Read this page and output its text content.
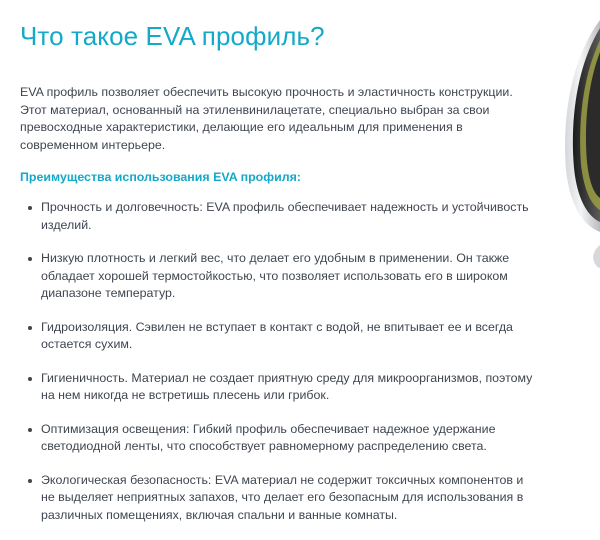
Что такое EVA профиль?

EVA профиль позволяет обеспечить высокую прочность и эластичность конструкции. Этот материал, основанный на этиленвинилацетате, специально выбран за свои превосходные характеристики, делающие его идеальным для применения в современном интерьере.

Преимущества использования EVA профиля:

Прочность и долговечность: EVA профиль обеспечивает надежность и устойчивость изделий.
Низкую плотность и легкий вес, что делает его удобным в применении. Он также обладает хорошей термостойкостью, что позволяет использовать его в широком диапазоне температур.
Гидроизоляция. Сэвилен не вступает в контакт с водой, не впитывает ее и всегда остается сухим.
Гигиеничность. Материал не создает приятную среду для микроорганизмов, поэтому на нем никогда не встретишь плесень или грибок.
Оптимизация освещения: Гибкий профиль обеспечивает надежное удержание светодиодной ленты, что способствует равномерному распределению света.
Экологическая безопасность: EVA материал не содержит токсичных компонентов и не выделяет неприятных запахов, что делает его безопасным для использования в различных помещениях, включая спальни и ванные комнаты.
